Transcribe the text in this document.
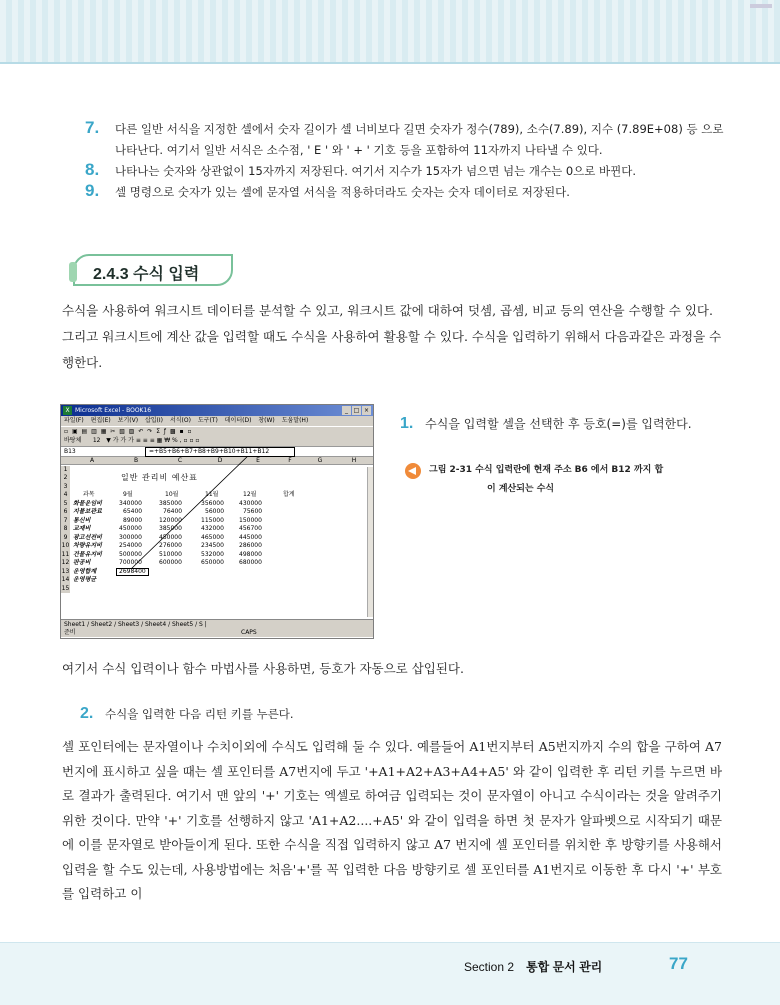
7. 다른 일반 서식을 지정한 셀에서 숫자 길이가 셀 너비보다 길면 숫자가 정수(789), 소수(7.89), 지수 (7.89E+08) 등 으로 나타난다. 여기서 일반 서식은 소수점, ' E ' 와 ' + ' 기호 등을 포함하여 11자까지 나타낼 수 있다.
8. 나타나는 숫자와 상관없이 15자까지 저장된다. 여기서 지수가 15자가 넘으면 넘는 개수는 0으로 바뀐다.
9. 셀 명령으로 숫자가 있는 셀에 문자열 서식을 적용하더라도 숫자는 숫자 데이터로 저장된다.
2.4.3 수식 입력
수식을 사용하여 워크시트 데이터를 분석할 수 있고, 워크시트 값에 대하여 덧셈, 곱셈, 비교 등의 연산을 수행할 수 있다. 그리고 워크시트에 계산 값을 입력할 때도 수식을 사용하여 활용할 수 있다. 수식을 입력하기 위해서 다음과같은 과정을 수행한다.
X Microsoft Excel - BOOK16	_ □ ×
파일(F) 편집(E) 보기(V) 삽입(I) 서식(O) 도구(T) 데이터(D) 창(W) 도움말(H)
▫ ▣ ▤ ▥ ▦ ✂ ▧ ▨ ↶ ↷ Σ ƒ ▩ ▪ ▫
바탕체 12   ▼ 가 가 가 ≡ ≡ ≡ ▦ ₩ % , ▫ ▫ ▫
B13	=+B5+B6+B7+B8+B9+B10+B11+B12
A	B	C	D	E	F	G	H
2	일반 관리비 예산표
4	과목	9월	10월	11월	12월	합계
5 화물운임비	340000	385000	356000	430000
6 지불보관료	65400	76400	56000	75600
7 통신비	89000	120000	115000	150000
8 교재비	450000	385000	432000	456700
9 광고선전비	300000	450000	465000	445000
10 차량유지비	254000	276000	234500	286000
11 건물유지비	500000	510000	532000	498000
12 판공비	700000	600000	650000	680000
13 운영합계	2698400
14 운영평균
15
1
3
Sheet1 / Sheet2 / Sheet3 / Sheet4 / Sheet5 / S |
준비	CAPS
1. 수식을 입력할 셀을 선택한 후 등호(=)를 입력한다.
그림 2-31 수식 입력란에 현재 주소 B6 에서 B12 까지 합
이 계산되는 수식
여기서 수식 입력이나 함수 마법사를 사용하면, 등호가 자동으로 삽입된다.
2. 수식을 입력한 다음 리턴 키를 누른다.
셀 포인터에는 문자열이나 수치이외에 수식도 입력해 둘 수 있다. 예를들어 A1번지부터 A5번지까지 수의 합을 구하여 A7번지에 표시하고 싶을 때는 셀 포인터를 A7번지에 두고 '+A1+A2+A3+A4+A5' 와 같이 입력한 후 리턴 키를 누르면 바로 결과가 출력된다. 여기서 맨 앞의 '+' 기호는 엑셀로 하여금 입력되는 것이 문자열이 아니고 수식이라는 것을 알려주기 위한 것이다. 만약 '+' 기호를 선행하지 않고 'A1+A2....+A5' 와 같이 입력을 하면 첫 문자가 알파벳으로 시작되기 때문에 이를 문자열로 받아들이게 된다. 또한 수식을 직접 입력하지 않고 A7 번지에 셀 포인터를 위치한 후 방향키를 사용해서 입력을 할 수도 있는데, 사용방법에는 처음'+'를 꼭 입력한 다음 방향키로 셀 포인터를 A1번지로 이동한 후 다시 '+' 부호를 입력하고 이
Section 2 통합 문서 관리	77
